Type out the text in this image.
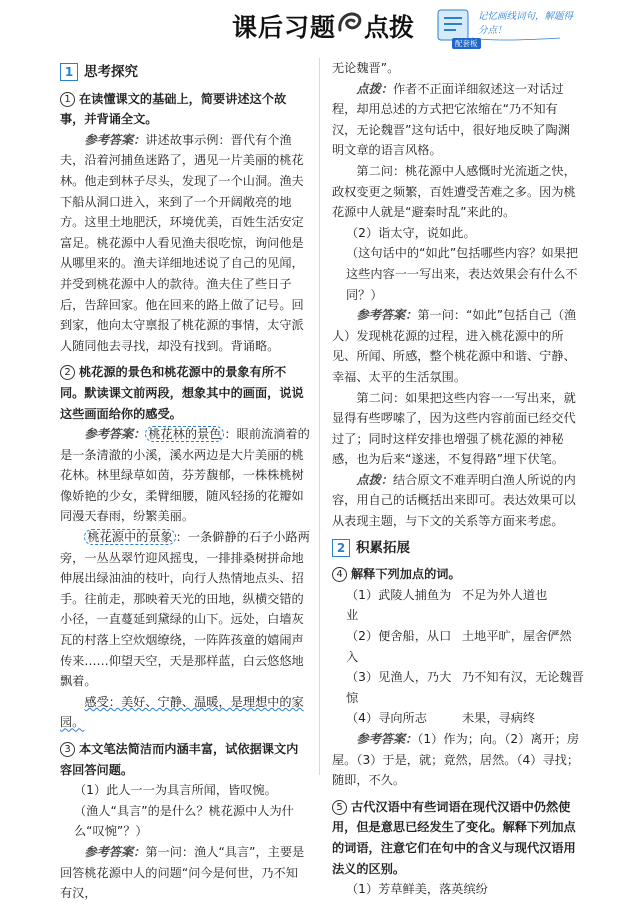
课后习题 点拨	记忆画线词句，解题得分点！
配套板
1 思考探究
1 在读懂课文的基础上，简要讲述这个故事，并背诵全文。

参考答案：讲述故事示例：晋代有个渔夫，沿着河捕鱼迷路了，遇见一片美丽的桃花林。他走到林子尽头，发现了一个山洞。渔夫下船从洞口进入，来到了一个开阔敞亮的地方。这里土地肥沃，环境优美，百姓生活安定富足。桃花源中人看见渔夫很吃惊，询问他是从哪里来的。渔夫详细地述说了自己的见闻，并受到桃花源中人的款待。渔夫住了些日子后，告辞回家。他在回来的路上做了记号。回到家，他向太守禀报了桃花源的事情，太守派人随同他去寻找，却没有找到。背诵略。

2 桃花源的景色和桃花源中的景象有所不同。默读课文前两段，想象其中的画面，说说这些画面给你的感受。

参考答案： 桃花林的景色 ：眼前流淌着的是一条清澈的小溪，溪水两边是大片美丽的桃花林。林里绿草如茵，芬芳馥郁，一株株桃树像娇艳的少女，柔臂细腰，随风轻扬的花瓣如同漫天春雨，纷繁美丽。

桃花源中的景象 ：一条僻静的石子小路两旁，一丛丛翠竹迎风摇曳，一排排桑树拼命地伸展出绿油油的枝叶，向行人热情地点头、招手。往前走，那映着天光的田地，纵横交错的小径，一直蔓延到黛绿的山下。远处，白墙灰瓦的村落上空炊烟缭绕，一阵阵孩童的嬉闹声传来……仰望天空，天是那样蓝，白云悠悠地飘着。

感受：美好、宁静、温暖，是理想中的家园。

3 本文笔法简洁而内涵丰富，试依据课文内容回答问题。

（1）此人一一为具言所闻，皆叹惋。

（渔人“具言”的是什么？桃花源中人为什么“叹惋”？）

参考答案：第一问：渔人“具言”，主要是回答桃花源中人的问题“问今是何世，乃不知有汉，

无论魏晋”。

点拨：作者不正面详细叙述这一对话过程，却用总述的方式把它浓缩在“乃不知有汉，无论魏晋”这句话中，很好地反映了陶渊明文章的语言风格。

第二问：桃花源中人感慨时光流逝之快，政权变更之频繁，百姓遭受苦难之多。因为桃花源中人就是“避秦时乱”来此的。

（2）诣太守，说如此。

（这句话中的“如此”包括哪些内容？如果把这些内容一一写出来，表达效果会有什么不同？）

参考答案：第一问：“如此”包括自己（渔人）发现桃花源的过程，进入桃花源中的所见、所闻、所感，整个桃花源中和谐、宁静、幸福、太平的生活氛围。

第二问：如果把这些内容一一写出来，就显得有些啰嗦了，因为这些内容前面已经交代过了；同时这样安排也增强了桃花源的神秘感，也为后来“遂迷，不复得路”埋下伏笔。

点拨：结合原文不难弄明白渔人所说的内容，用自己的话概括出来即可。表达效果可以从表现主题，与下文的关系等方面来考虑。

2 积累拓展
4 解释下列加点的词。
（1）武陵人捕鱼为业
不足为外人道也
（2）便舍船，从口入
土地平旷，屋舍俨然
（3）见渔人，乃大惊
乃不知有汉，无论魏晋
（4）寻向所志	未果，寻病终

参考答案：（1）作为；向。（2）离开；房屋。（3）于是，就；竟然，居然。（4）寻找；随即，不久。

5 古代汉语中有些词语在现代汉语中仍然使用，但是意思已经发生了变化。解释下列加点的词语，注意它们在句中的含义与现代汉语用法义的区别。

（1）芳草鲜美，落英缤纷
